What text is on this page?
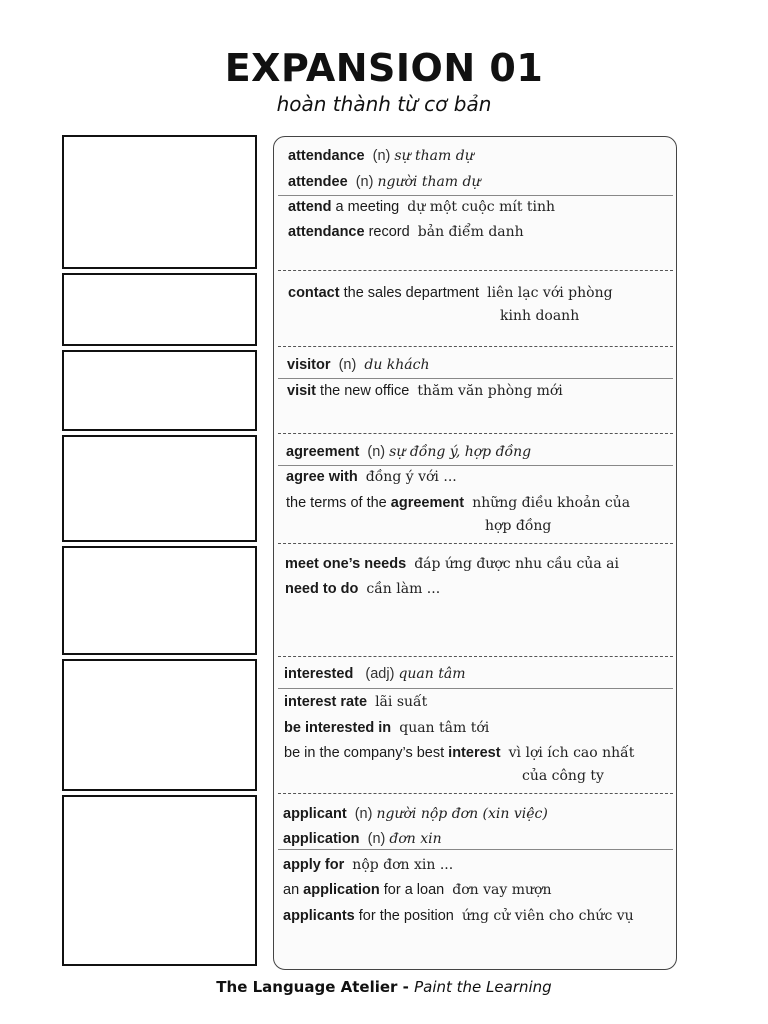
EXPANSION 01
hoàn thành từ cơ bản
attendance (n) sự tham dự
attendee (n) người tham dự
attend a meeting dự một cuộc mít tinh
attendance record bản điểm danh
contact the sales department liên lạc với phòng
kinh doanh
visitor (n) du khách
visit the new office thăm văn phòng mới
agreement (n) sự đồng ý, hợp đồng
agree with đồng ý với ...
the terms of the agreement những điều khoản của
hợp đồng
meet one’s needs đáp ứng được nhu cầu của ai
need to do cần làm ...
interested (adj) quan tâm
interest rate lãi suất
be interested in quan tâm tới
be in the company’s best interest vì lợi ích cao nhất
của công ty
applicant (n) người nộp đơn (xin việc)
application (n) đơn xin
apply for nộp đơn xin ...
an application for a loan đơn vay mượn
applicants for the position ứng cử viên cho chức vụ
The Language Atelier - Paint the Learning
